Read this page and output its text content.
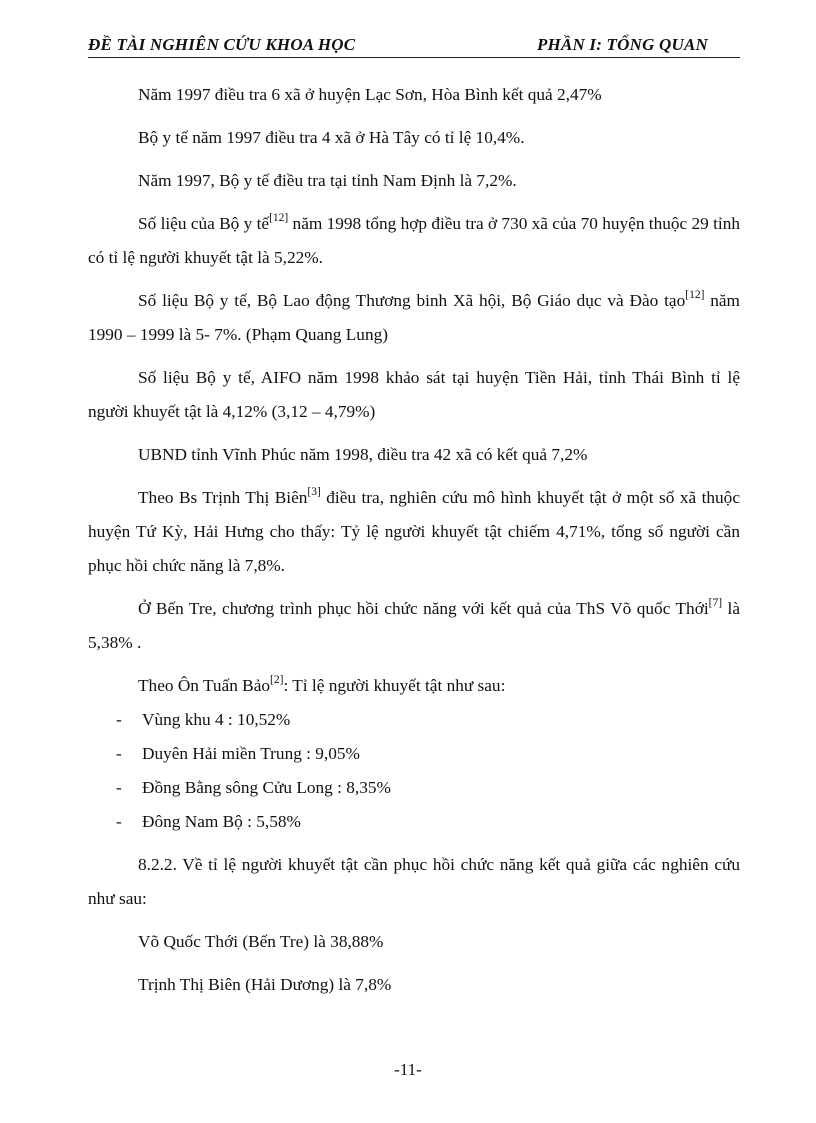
ĐỀ TÀI NGHIÊN CỨU KHOA HỌC	PHẦN I: TỔNG QUAN

Năm 1997 điều tra 6 xã ở huyện Lạc Sơn, Hòa Bình kết quả 2,47%

Bộ y tế năm 1997 điều tra 4 xã ở Hà Tây có tỉ lệ 10,4%.

Năm 1997, Bộ y tế điều tra tại tỉnh Nam Định là 7,2%.

Số liệu của Bộ y tế[12] năm 1998 tổng hợp điều tra ở 730 xã của 70 huyện thuộc 29 tỉnh có tỉ lệ người khuyết tật là 5,22%.

Số liệu Bộ y tế, Bộ Lao động Thương binh Xã hội, Bộ Giáo dục và Đào tạo[12] năm 1990 – 1999 là 5- 7%. (Phạm Quang Lung)

Số liệu Bộ y tế, AIFO năm 1998 khảo sát tại huyện Tiền Hải, tỉnh Thái Bình tỉ lệ người khuyết tật là 4,12% (3,12 – 4,79%)

UBND tỉnh Vĩnh Phúc năm 1998, điều tra 42 xã có kết quả 7,2%

Theo Bs Trịnh Thị Biên[3] điều tra, nghiên cứu mô hình khuyết tật ở một số xã thuộc huyện Tứ Kỳ, Hải Hưng cho thấy: Tỷ lệ người khuyết tật chiếm 4,71%, tổng số người cần phục hồi chức năng là 7,8%.

Ở Bến Tre, chương trình phục hồi chức năng với kết quả của ThS Võ quốc Thới[7] là 5,38% .

Theo Ôn Tuấn Bảo[2]: Tỉ lệ người khuyết tật như sau:

- Vùng khu 4 : 10,52%

- Duyên Hải miền Trung : 9,05%

- Đồng Bằng sông Cửu Long : 8,35%

- Đông Nam Bộ : 5,58%

8.2.2. Về tỉ lệ người khuyết tật cần phục hồi chức năng kết quả giữa các nghiên cứu như sau:

Võ Quốc Thới (Bến Tre) là 38,88%

Trịnh Thị Biên (Hải Dương) là 7,8%

-11-
